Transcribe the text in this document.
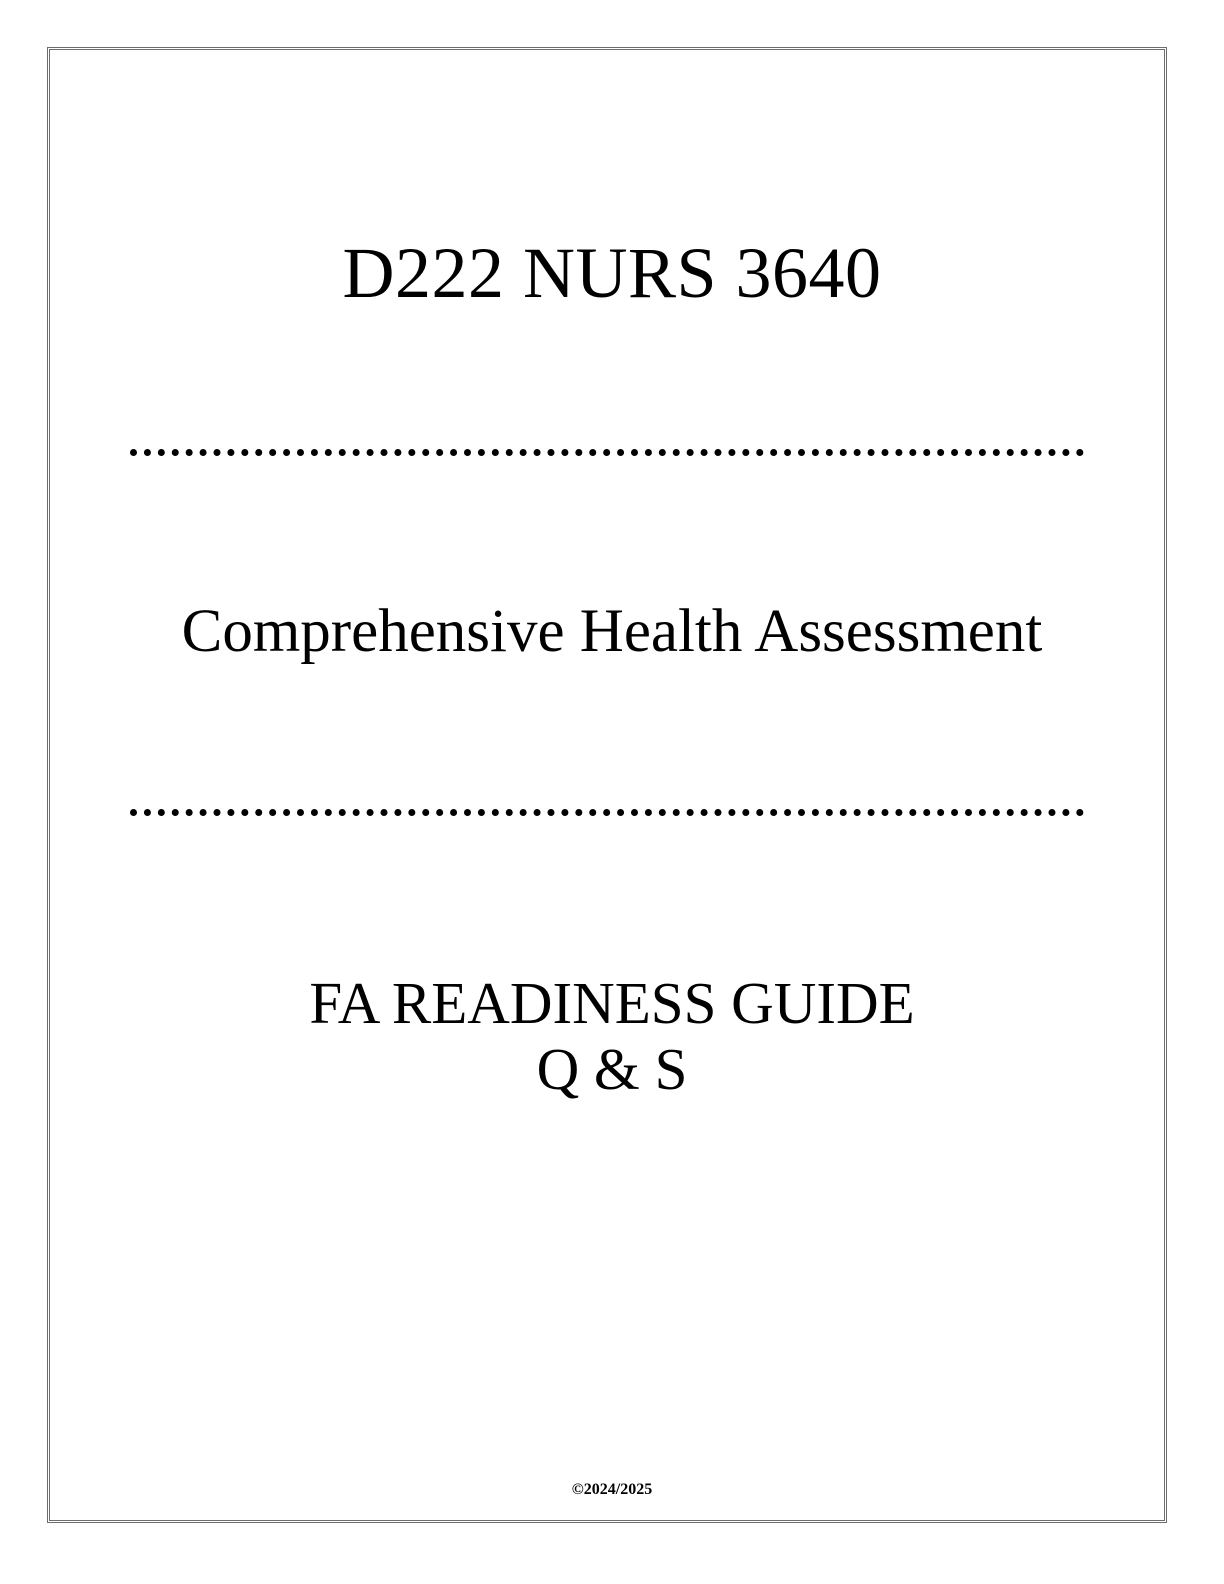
D222 NURS 3640
Comprehensive Health Assessment
FA READINESS GUIDE
Q & S
©2024/2025
